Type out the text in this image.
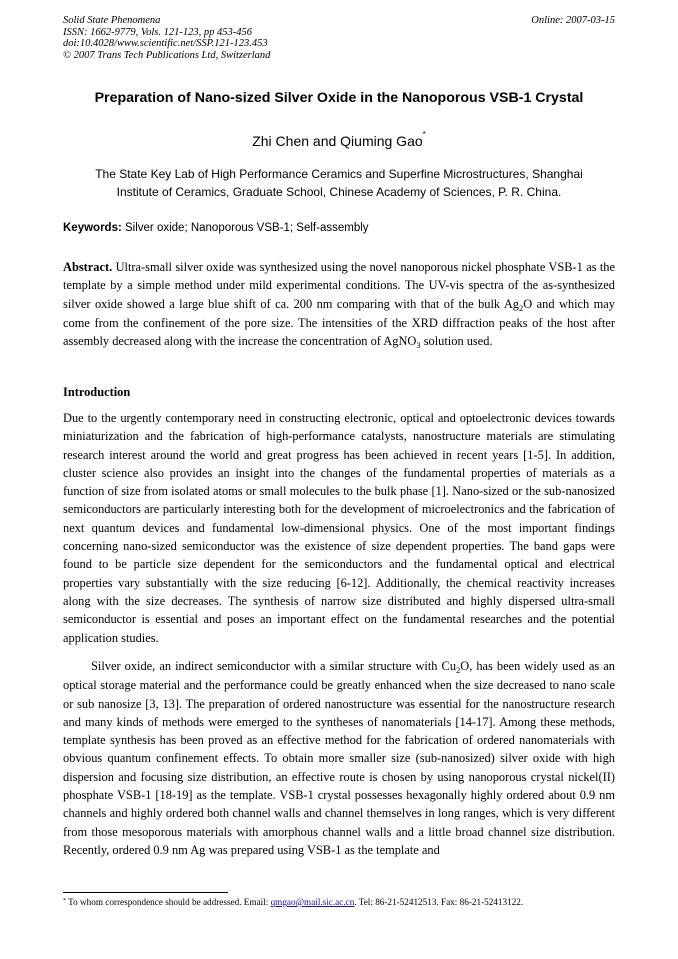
Solid State Phenomena
ISSN: 1662-9779, Vols. 121-123, pp 453-456
doi:10.4028/www.scientific.net/SSP.121-123.453
© 2007 Trans Tech Publications Ltd, Switzerland
Online: 2007-03-15
Preparation of Nano-sized Silver Oxide in the Nanoporous VSB-1 Crystal
Zhi Chen and Qiuming Gao*
The State Key Lab of High Performance Ceramics and Superfine Microstructures, Shanghai
Institute of Ceramics, Graduate School, Chinese Academy of Sciences, P. R. China.
Keywords: Silver oxide; Nanoporous VSB-1; Self-assembly
Abstract. Ultra-small silver oxide was synthesized using the novel nanoporous nickel phosphate VSB-1 as the template by a simple method under mild experimental conditions. The UV-vis spectra of the as-synthesized silver oxide showed a large blue shift of ca. 200 nm comparing with that of the bulk $Ag_2O$ and which may come from the confinement of the pore size. The intensities of the XRD diffraction peaks of the host after assembly decreased along with the increase the concentration of AgNO$_3$ solution used.
Introduction
Due to the urgently contemporary need in constructing electronic, optical and optoelectronic devices towards miniaturization and the fabrication of high-performance catalysts, nanostructure materials are stimulating research interest around the world and great progress has been achieved in recent years [1-5]. In addition, cluster science also provides an insight into the changes of the fundamental properties of materials as a function of size from isolated atoms or small molecules to the bulk phase [1]. Nano-sized or the sub-nanosized semiconductors are particularly interesting both for the development of microelectronics and the fabrication of next quantum devices and fundamental low-dimensional physics. One of the most important findings concerning nano-sized semiconductor was the existence of size dependent properties. The band gaps were found to be particle size dependent for the semiconductors and the fundamental optical and electrical properties vary substantially with the size reducing [6-12]. Additionally, the chemical reactivity increases along with the size decreases. The synthesis of narrow size distributed and highly dispersed ultra-small semiconductor is essential and poses an important effect on the fundamental researches and the potential application studies.
Silver oxide, an indirect semiconductor with a similar structure with $Cu_2O$, has been widely used as an optical storage material and the performance could be greatly enhanced when the size decreased to nano scale or sub nanosize [3, 13]. The preparation of ordered nanostructure was essential for the nanostructure research and many kinds of methods were emerged to the syntheses of nanomaterials [14-17]. Among these methods, template synthesis has been proved as an effective method for the fabrication of ordered nanomaterials with obvious quantum confinement effects. To obtain more smaller size (sub-nanosized) silver oxide with high dispersion and focusing size distribution, an effective route is chosen by using nanoporous crystal nickel(II) phosphate VSB-1 [18-19] as the template. VSB-1 crystal possesses hexagonally highly ordered about 0.9 nm channels and highly ordered both channel walls and channel themselves in long ranges, which is very different from those mesoporous materials with amorphous channel walls and a little broad channel size distribution. Recently, ordered 0.9 nm Ag was prepared using VSB-1 as the template and
* To whom correspondence should be addressed. Email: qmgao@mail.sic.ac.cn. Tel: 86-21-52412513. Fax: 86-21-52413122.
